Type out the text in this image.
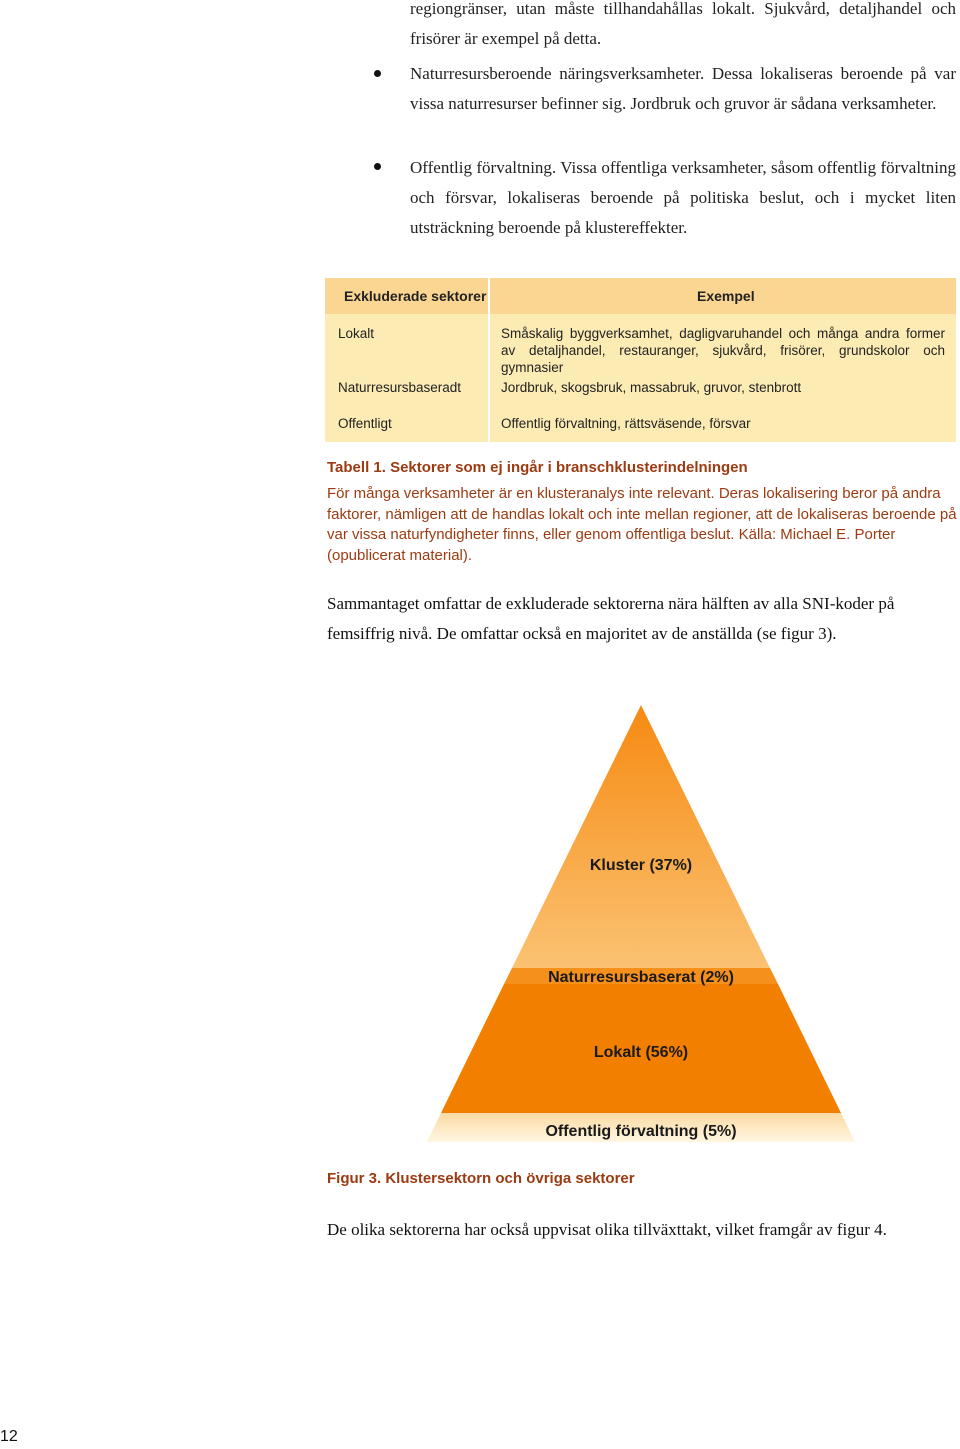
regiongränser, utan måste tillhandahållas lokalt. Sjukvård, detaljhandel och frisörer är exempel på detta.
Naturresursberoende näringsverksamheter. Dessa lokaliseras beroende på var vissa naturresurser befinner sig. Jordbruk och gruvor är sådana verksamheter.
Offentlig förvaltning. Vissa offentliga verksamheter, såsom offentlig förvaltning och försvar, lokaliseras beroende på politiska beslut, och i mycket liten utsträckning beroende på klustereffekter.
Exkluderade sektorer	Exempel
Lokalt	Småskalig byggverksamhet, dagligvaruhandel och många andra former av detaljhandel, restauranger, sjukvård, frisörer, grundskolor och gymnasier
Naturresursbaseradt	Jordbruk, skogsbruk, massabruk, gruvor, stenbrott
Offentligt	Offentlig förvaltning, rättsväsende, försvar
Tabell 1. Sektorer som ej ingår i branschklusterindelningen
För många verksamheter är en klusteranalys inte relevant. Deras lokalisering beror på andra faktorer, nämligen att de handlas lokalt och inte mellan regioner, att de lokaliseras beroende på var vissa naturfyndigheter finns, eller genom offentliga beslut. Källa: Michael E. Porter (opublicerat material).
Sammantaget omfattar de exkluderade sektorerna nära hälften av alla SNI-koder på femsiffrig nivå. De omfattar också en majoritet av de anställda (se figur 3).
Kluster (37%)
Naturresursbaserat (2%)
Lokalt (56%)
Offentlig förvaltning (5%)
Figur 3. Klustersektorn och övriga sektorer
De olika sektorerna har också uppvisat olika tillväxttakt, vilket framgår av figur 4.
12
